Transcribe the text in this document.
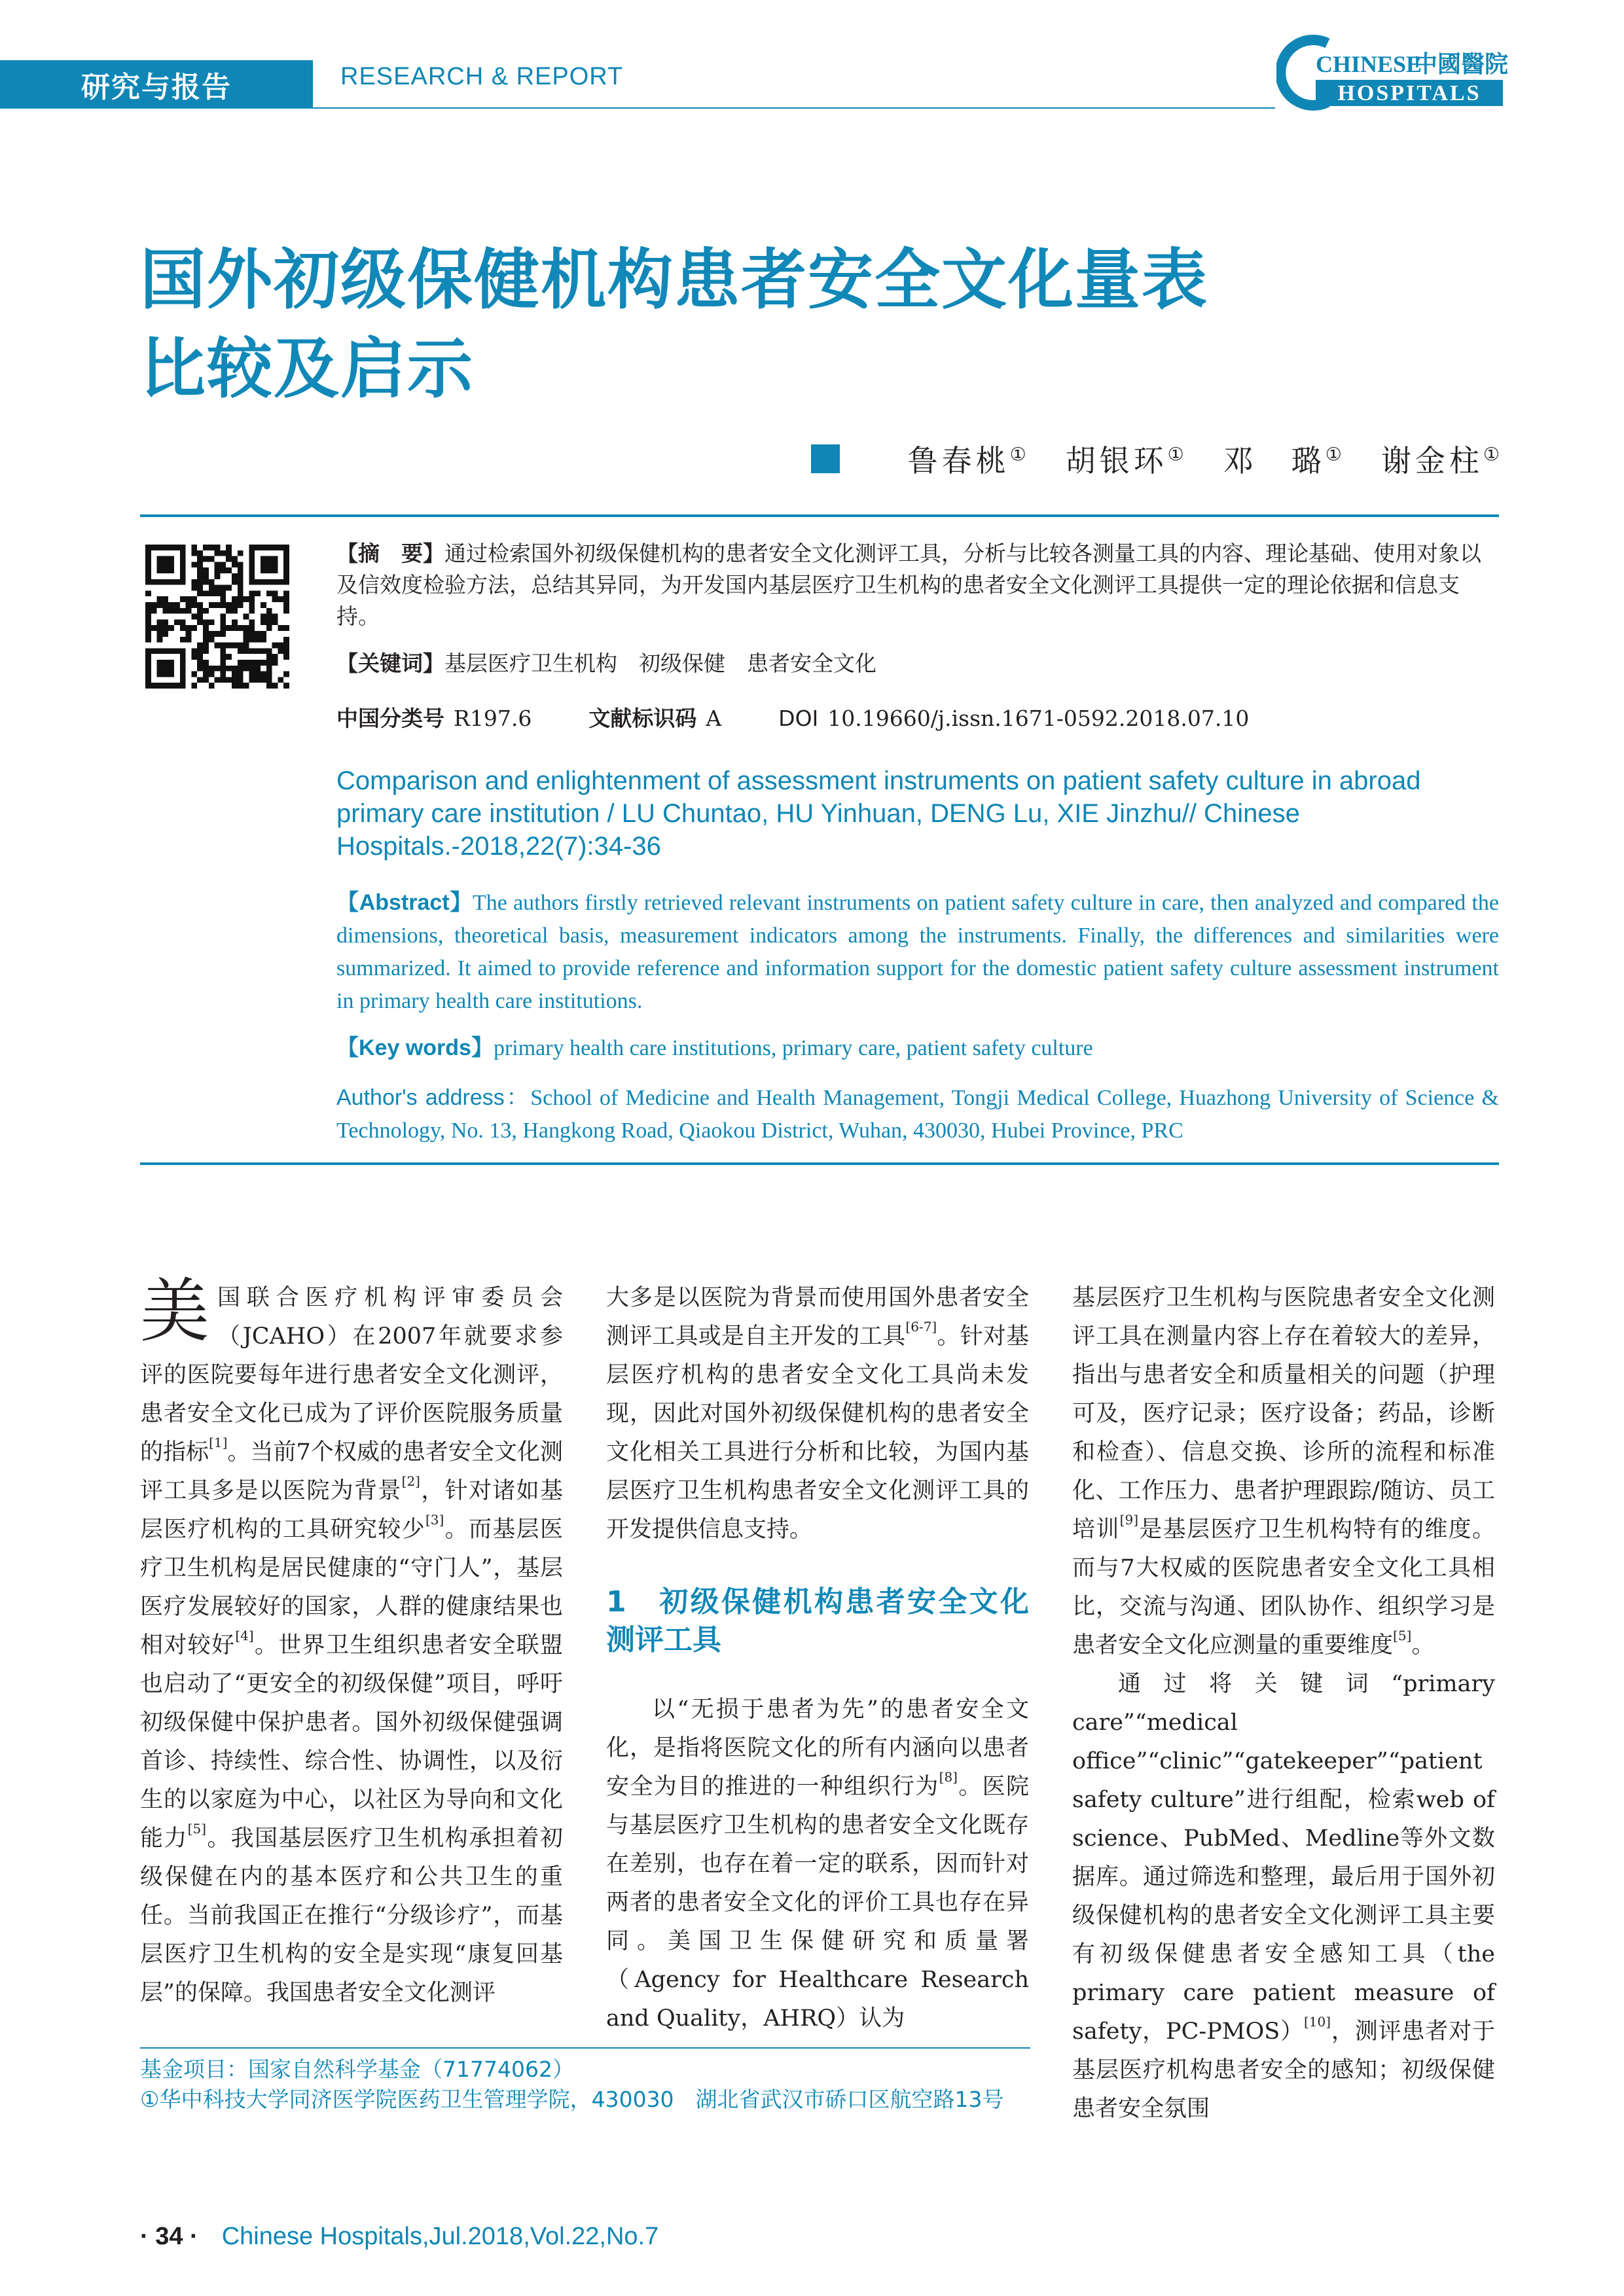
研究与报告	RESEARCH & REPORT	CHINESE
中國醫院
HOSPITALS
国外初级保健机构患者安全文化量表
比较及启示
鲁春桃① 胡银环① 邓　璐① 谢金柱①
【摘　要】通过检索国外初级保健机构的患者安全文化测评工具，分析与比较各测量工具的内容、理论基础、使用对象以及信效度检验方法，总结其异同，为开发国内基层医疗卫生机构的患者安全文化测评工具提供一定的理论依据和信息支持。
【关键词】基层医疗卫生机构　初级保健　患者安全文化
中国分类号 R197.6	文献标识码 A	DOI 10.19660/j.issn.1671-0592.2018.07.10
Comparison and enlightenment of assessment instruments on patient safety culture in abroad primary care institution / LU Chuntao, HU Yinhuan, DENG Lu, XIE Jinzhu// Chinese Hospitals.-2018,22(7):34-36
【Abstract】The authors firstly retrieved relevant instruments on patient safety culture in care, then analyzed and compared the dimensions, theoretical basis, measurement indicators among the instruments. Finally, the differences and similarities were summarized. It aimed to provide reference and information support for the domestic patient safety culture assessment instrument in primary health care institutions.
【Key words】primary health care institutions, primary care, patient safety culture
Author's address：School of Medicine and Health Management, Tongji Medical College, Huazhong University of Science & Technology, No. 13, Hangkong Road, Qiaokou District, Wuhan, 430030, Hubei Province, PRC

美国联合医疗机构评审委员会（JCAHO）在2007年就要求参评的医院要每年进行患者安全文化测评，患者安全文化已成为了评价医院服务质量的指标[1]。当前7个权威的患者安全文化测评工具多是以医院为背景[2]，针对诸如基层医疗机构的工具研究较少[3]。而基层医疗卫生机构是居民健康的“守门人”，基层医疗发展较好的国家，人群的健康结果也相对较好[4]。世界卫生组织患者安全联盟也启动了“更安全的初级保健”项目，呼吁初级保健中保护患者。国外初级保健强调首诊、持续性、综合性、协调性，以及衍生的以家庭为中心，以社区为导向和文化能力[5]。我国基层医疗卫生机构承担着初级保健在内的基本医疗和公共卫生的重任。当前我国正在推行“分级诊疗”，而基层医疗卫生机构的安全是实现“康复回基层”的保障。我国患者安全文化测评

大多是以医院为背景而使用国外患者安全测评工具或是自主开发的工具[6-7]。针对基层医疗机构的患者安全文化工具尚未发现，因此对国外初级保健机构的患者安全文化相关工具进行分析和比较，为国内基层医疗卫生机构患者安全文化测评工具的开发提供信息支持。

1　初级保健机构患者安全文化测评工具

以“无损于患者为先”的患者安全文化，是指将医院文化的所有内涵向以患者安全为目的推进的一种组织行为[8]。医院与基层医疗卫生机构的患者安全文化既存在差别，也存在着一定的联系，因而针对两者的患者安全文化的评价工具也存在异同。美国卫生保健研究和质量署（Agency for Healthcare Research and Quality，AHRQ）认为

基层医疗卫生机构与医院患者安全文化测评工具在测量内容上存在着较大的差异，指出与患者安全和质量相关的问题（护理可及，医疗记录；医疗设备；药品，诊断和检查）、信息交换、诊所的流程和标准化、工作压力、患者护理跟踪/随访、员工培训[9]是基层医疗卫生机构特有的维度。而与7大权威的医院患者安全文化工具相比，交流与沟通、团队协作、组织学习是患者安全文化应测量的重要维度[5]。

通过将关键词“primary care”“medical office”“clinic”“gatekeeper”“patient safety culture”进行组配，检索web of science、PubMed、Medline等外文数据库。通过筛选和整理，最后用于国外初级保健机构的患者安全文化测评工具主要有初级保健患者安全感知工具（the primary care patient measure of safety，PC-PMOS）[10]，测评患者对于基层医疗机构患者安全的感知；初级保健患者安全氛围

基金项目：国家自然科学基金（71774062）
①华中科技大学同济医学院医药卫生管理学院，430030　湖北省武汉市硚口区航空路13号
· 34 · Chinese Hospitals,Jul.2018,Vol.22,No.7
